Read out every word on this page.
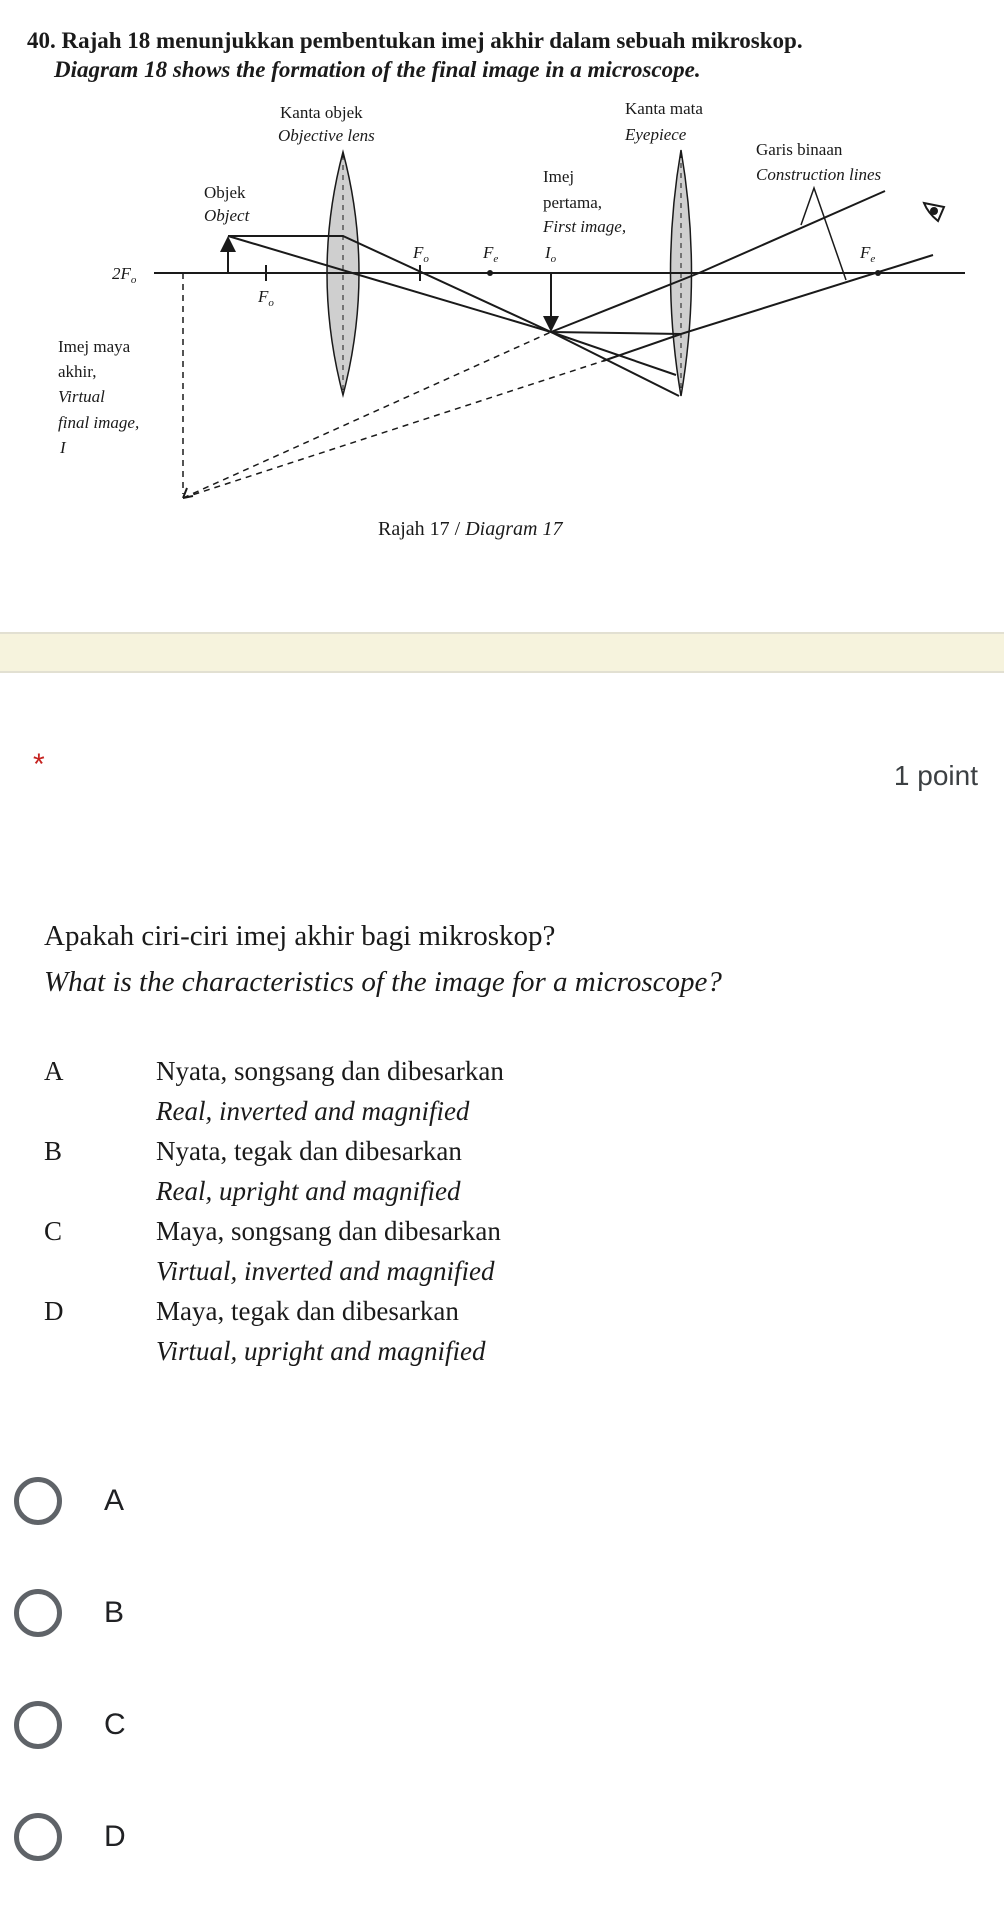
40. Rajah 18 menunjukkan pembentukan imej akhir dalam sebuah mikroskop.
Diagram 18 shows the formation of the final image in a microscope.
Kanta objek
Objective lens
Kanta mata
Eyepiece
Garis binaan
Construction lines
Objek
Object
Imej
pertama,
First image,
Imej maya
akhir,
Virtual
final image,
I
$2F_o$
$F_o$
$F_o$	$F_e$	$I_o$	$F_e$
Rajah 17 / Diagram 17
*	1 point
Apakah ciri-ciri imej akhir bagi mikroskop?
What is the characteristics of the image for a microscope?
A	Nyata, songsang dan dibesarkan
Real, inverted and magnified
B	Nyata, tegak dan dibesarkan
Real, upright and magnified
C	Maya, songsang dan dibesarkan
Virtual, inverted and magnified
D	Maya, tegak dan dibesarkan
Virtual, upright and magnified
A
B
C
D
